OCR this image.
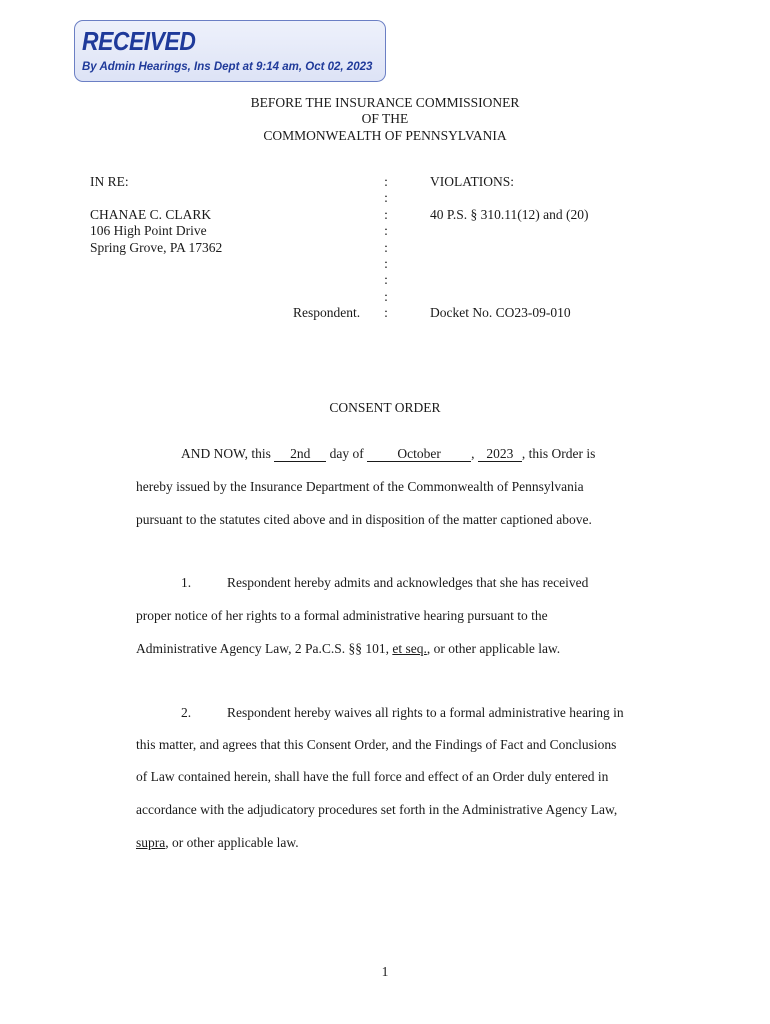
RECEIVED
By Admin Hearings, Ins Dept at 9:14 am, Oct 02, 2023
BEFORE THE INSURANCE COMMISSIONER
OF THE
COMMONWEALTH OF PENNSYLVANIA
IN RE:
CHANAE C. CLARK
106 High Point Drive
Spring Grove, PA 17362
Respondent.
:
:
:
:
:
:
:
:
:
VIOLATIONS:
40 P.S. § 310.11(12) and (20)
Docket No. CO23-09-010
CONSENT ORDER
AND NOW, this 2nd day of October , 2023 , this Order is
hereby issued by the Insurance Department of the Commonwealth of Pennsylvania
pursuant to the statutes cited above and in disposition of the matter captioned above.
1.	Respondent hereby admits and acknowledges that she has received
proper notice of her rights to a formal administrative hearing pursuant to the
Administrative Agency Law, 2 Pa.C.S. §§ 101, et seq., or other applicable law.
2.	Respondent hereby waives all rights to a formal administrative hearing in
this matter, and agrees that this Consent Order, and the Findings of Fact and Conclusions
of Law contained herein, shall have the full force and effect of an Order duly entered in
accordance with the adjudicatory procedures set forth in the Administrative Agency Law,
supra, or other applicable law.
1
